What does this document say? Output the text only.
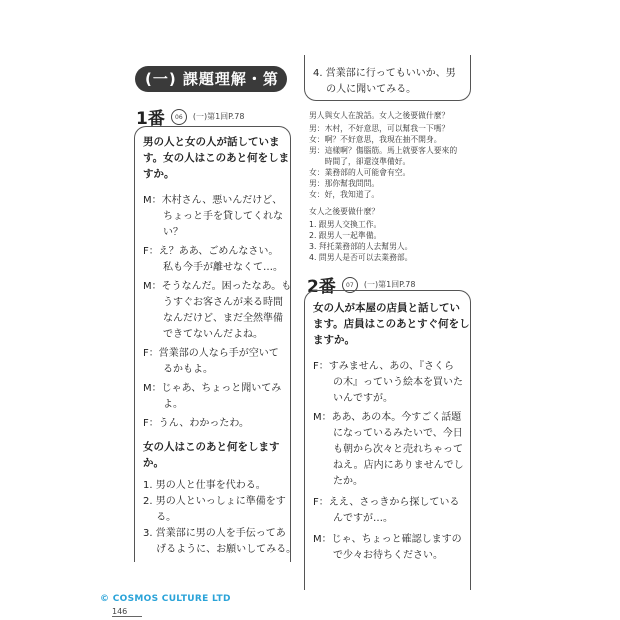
(一) 課題理解・第一回
1番	06	(一)第1回P.78
男の人と女の人が話していま
す。女の人はこのあと何をしま
すか。
M：木村さん、悪いんだけど、
　　ちょっと手を貸してくれな
　　い？
F：え？ああ、ごめんなさい。
　　私も今手が離せなくて…。
M：そうなんだ。困ったなあ。も
　　うすぐお客さんが来る時間
　　なんだけど、まだ全然準備
　　できてないんだよね。
F：営業部の人なら手が空いて
　　るかもよ。
M：じゃあ、ちょっと聞いてみ
　　よ。
F：うん、わかったわ。
女の人はこのあと何をします
か。
1. 男の人と仕事を代わる。
2. 男の人といっしょに準備をす
　 る。
3. 営業部に男の人を手伝ってあ
　 げるように、お願いしてみる。
4. 営業部に行ってもいいか、男
　 の人に聞いてみる。
男人與女人在說話。女人之後要做什麼？
男：木村，不好意思，可以幫我一下嗎？
女：啊？不好意思，我現在抽不開身。
男：這樣啊？傷腦筋。馬上就要客人要來的
　　時間了，卻還沒準備好。
女：業務部的人可能會有空。
男：那你幫我問問。
女：好，我知道了。
女人之後要做什麼？
1. 跟男人交換工作。
2. 跟男人一起準備。
3. 拜托業務部的人去幫男人。
4. 問男人是否可以去業務部。
2番	07	(一)第1回P.78
女の人が本屋の店員と話してい
ます。店員はこのあとすぐ何をし
ますか。
F：すみません、あの、『さくら
　　の木』っていう絵本を買いた
　　いんですが。
M：ああ、あの本。今すごく話題
　　になっているみたいで、今日
　　も朝から次々と売れちゃって
　　ねえ。店内にありませんでし
　　たか。
F：ええ、さっきから探している
　　んですが…。
M：じゃ、ちょっと確認しますの
　　で少々お待ちください。
© COSMOS CULTURE LTD
146
